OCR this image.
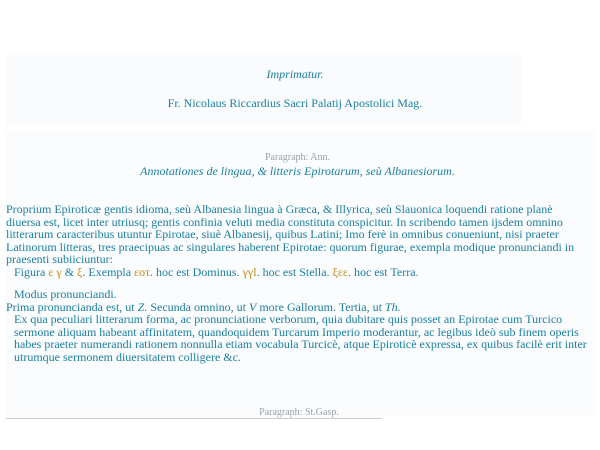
Imprimatur.
Fr. Nicolaus Riccardius Sacri Palatij Apostolici Mag.
Paragraph: Ann.
Annotationes de lingua, & litteris Epirotarum, seù Albanesiorum.

Proprium Epiroticæ gentis idioma, seù Albanesia lingua à Græca, & Illyrica, seù Slauonica loquendi ratione planè diuersa est, licet inter utriusq; gentis confinia veluti media constituta conspicitur. In scribendo tamen ijsdem omnino litterarum caracteribus utuntur Epirotae, siuè Albanesij, quibus Latini; Imo ferè in omnibus conueniunt, nisi praeter Latinorum litteras, tres praecipuas ac singulares haberent Epirotae: quorum figurae, exempla modique pronunciandi in praesenti subiiciuntur:

Figura ε γ & ξ. Exempla εοτ. hoc est Dominus. γγl. hoc est Stella. ξεε. hoc est Terra.

Modus pronunciandi.

Prima pronuncianda est, ut Z. Secunda omnino, ut V more Gallorum. Tertia, ut Th.

Ex qua peculiari litterarum forma, ac pronunciatione verborum, quia dubitare quis posset an Epirotae cum Turcico sermone aliquam habeant affinitatem, quandoquidem Turcarum Imperio moderantur, ac legibus ideò sub finem operis habes praeter numerandi rationem nonnulla etiam vocabula Turcicè, atque Epiroticè expressa, ex quibus facilè erit inter utrumque sermonem diuersitatem colligere &c.

Paragraph: St.Gasp.
